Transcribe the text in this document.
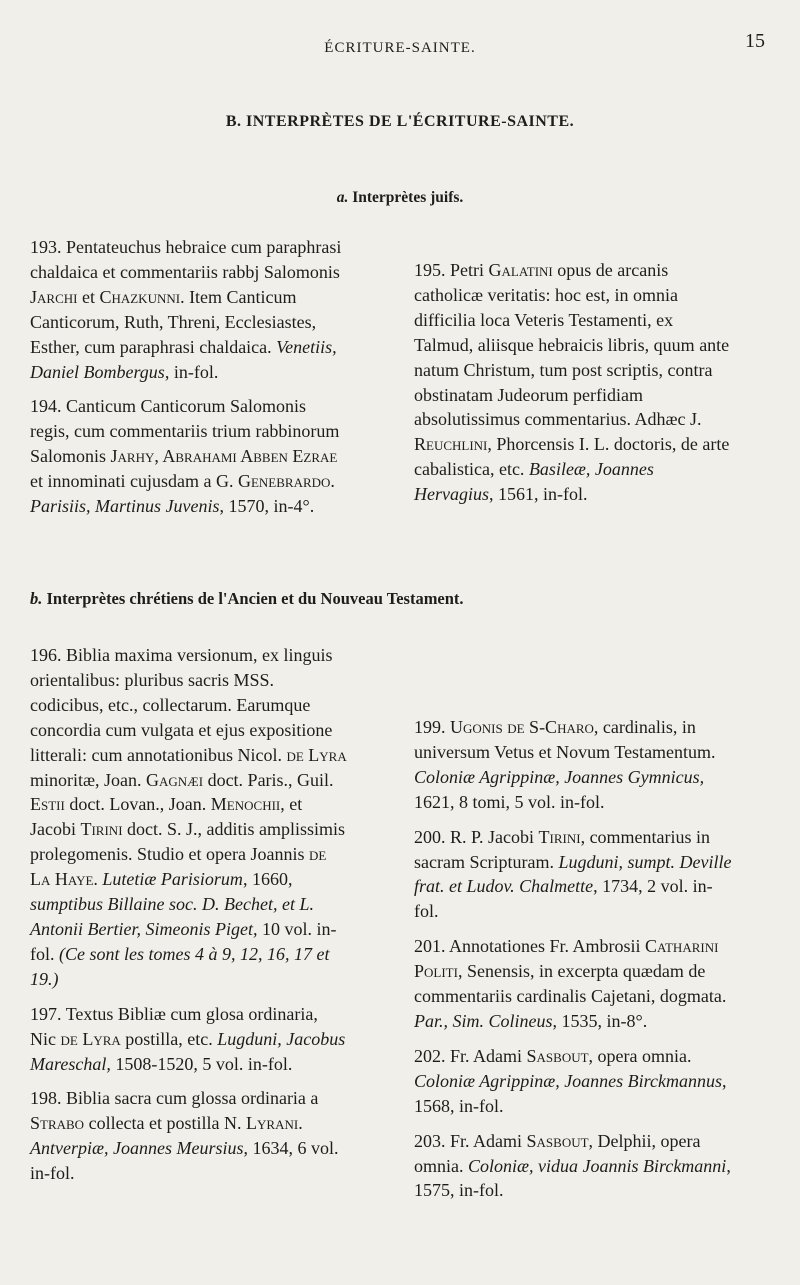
ÉCRITURE-SAINTE.	15
B. INTERPRÈTES DE L'ÉCRITURE-SAINTE.
a. Interprètes juifs.

193. Pentateuchus hebraice cum paraphrasi chaldaica et commentariis rabbj Salomonis Jarchi et Chazkunni. Item Canticum Canticorum, Ruth, Threni, Ecclesiastes, Esther, cum paraphrasi chaldaica. Venetiis, Daniel Bombergus, in-fol.

194. Canticum Canticorum Salomonis regis, cum commentariis trium rabbinorum Salomonis Jarhy, Abrahami Abben Ezrae et innominati cujusdam a G. Genebrardo. Parisiis, Martinus Juvenis, 1570, in-4°.

195. Petri Galatini opus de arcanis catholicæ veritatis: hoc est, in omnia difficilia loca Veteris Testamenti, ex Talmud, aliisque hebraicis libris, quum ante natum Christum, tum post scriptis, contra obstinatam Judeorum perfidiam absolutissimus commentarius. Adhæc J. Reuchlini, Phorcensis I. L. doctoris, de arte cabalistica, etc. Basileæ, Joannes Hervagius, 1561, in-fol.

b. Interprètes chrétiens de l'Ancien et du Nouveau Testament.

196. Biblia maxima versionum, ex linguis orientalibus: pluribus sacris MSS. codicibus, etc., collectarum. Earumque concordia cum vulgata et ejus expositione litterali: cum annotationibus Nicol. de Lyra minoritæ, Joan. Gagnæi doct. Paris., Guil. Estii doct. Lovan., Joan. Menochii, et Jacobi Tirini doct. S. J., additis amplissimis prolegomenis. Studio et opera Joannis de La Haye. Lutetiæ Parisiorum, 1660, sumptibus Billaine soc. D. Bechet, et L. Antonii Bertier, Simeonis Piget, 10 vol. in-fol. (Ce sont les tomes 4 à 9, 12, 16, 17 et 19.)

197. Textus Bibliæ cum glosa ordinaria, Nic de Lyra postilla, etc. Lugduni, Jacobus Mareschal, 1508-1520, 5 vol. in-fol.

198. Biblia sacra cum glossa ordinaria a Strabo collecta et postilla N. Lyrani. Antverpiæ, Joannes Meursius, 1634, 6 vol. in-fol.

199. Ugonis de S-Charo, cardinalis, in universum Vetus et Novum Testamentum. Coloniæ Agrippinæ, Joannes Gymnicus, 1621, 8 tomi, 5 vol. in-fol.

200. R. P. Jacobi Tirini, commentarius in sacram Scripturam. Lugduni, sumpt. Deville frat. et Ludov. Chalmette, 1734, 2 vol. in-fol.

201. Annotationes Fr. Ambrosii Catharini Politi, Senensis, in excerpta quædam de commentariis cardinalis Cajetani, dogmata. Par., Sim. Colineus, 1535, in-8°.

202. Fr. Adami Sasbout, opera omnia. Coloniæ Agrippinæ, Joannes Birckmannus, 1568, in-fol.

203. Fr. Adami Sasbout, Delphii, opera omnia. Coloniæ, vidua Joannis Birckmanni, 1575, in-fol.
